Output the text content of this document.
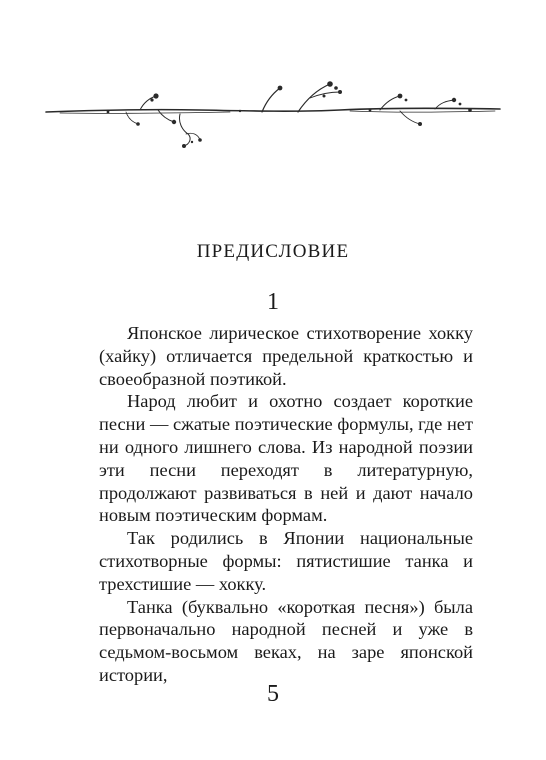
ПРЕДИСЛОВИЕ
1

Японское лирическое стихотворение хокку (хайку) отличается предельной краткостью и своеобразной поэтикой.

Народ любит и охотно создает короткие песни — сжатые поэтические формулы, где нет ни одного лишнего слова. Из народной поэзии эти песни переходят в литературную, продолжают развиваться в ней и дают начало новым поэтическим формам.

Так родились в Японии национальные стихотворные формы: пятистишие танка и трехстишие — хокку.

Танка (буквально «короткая песня») была первоначально народной песней и уже в седьмом-восьмом веках, на заре японской истории,

5
